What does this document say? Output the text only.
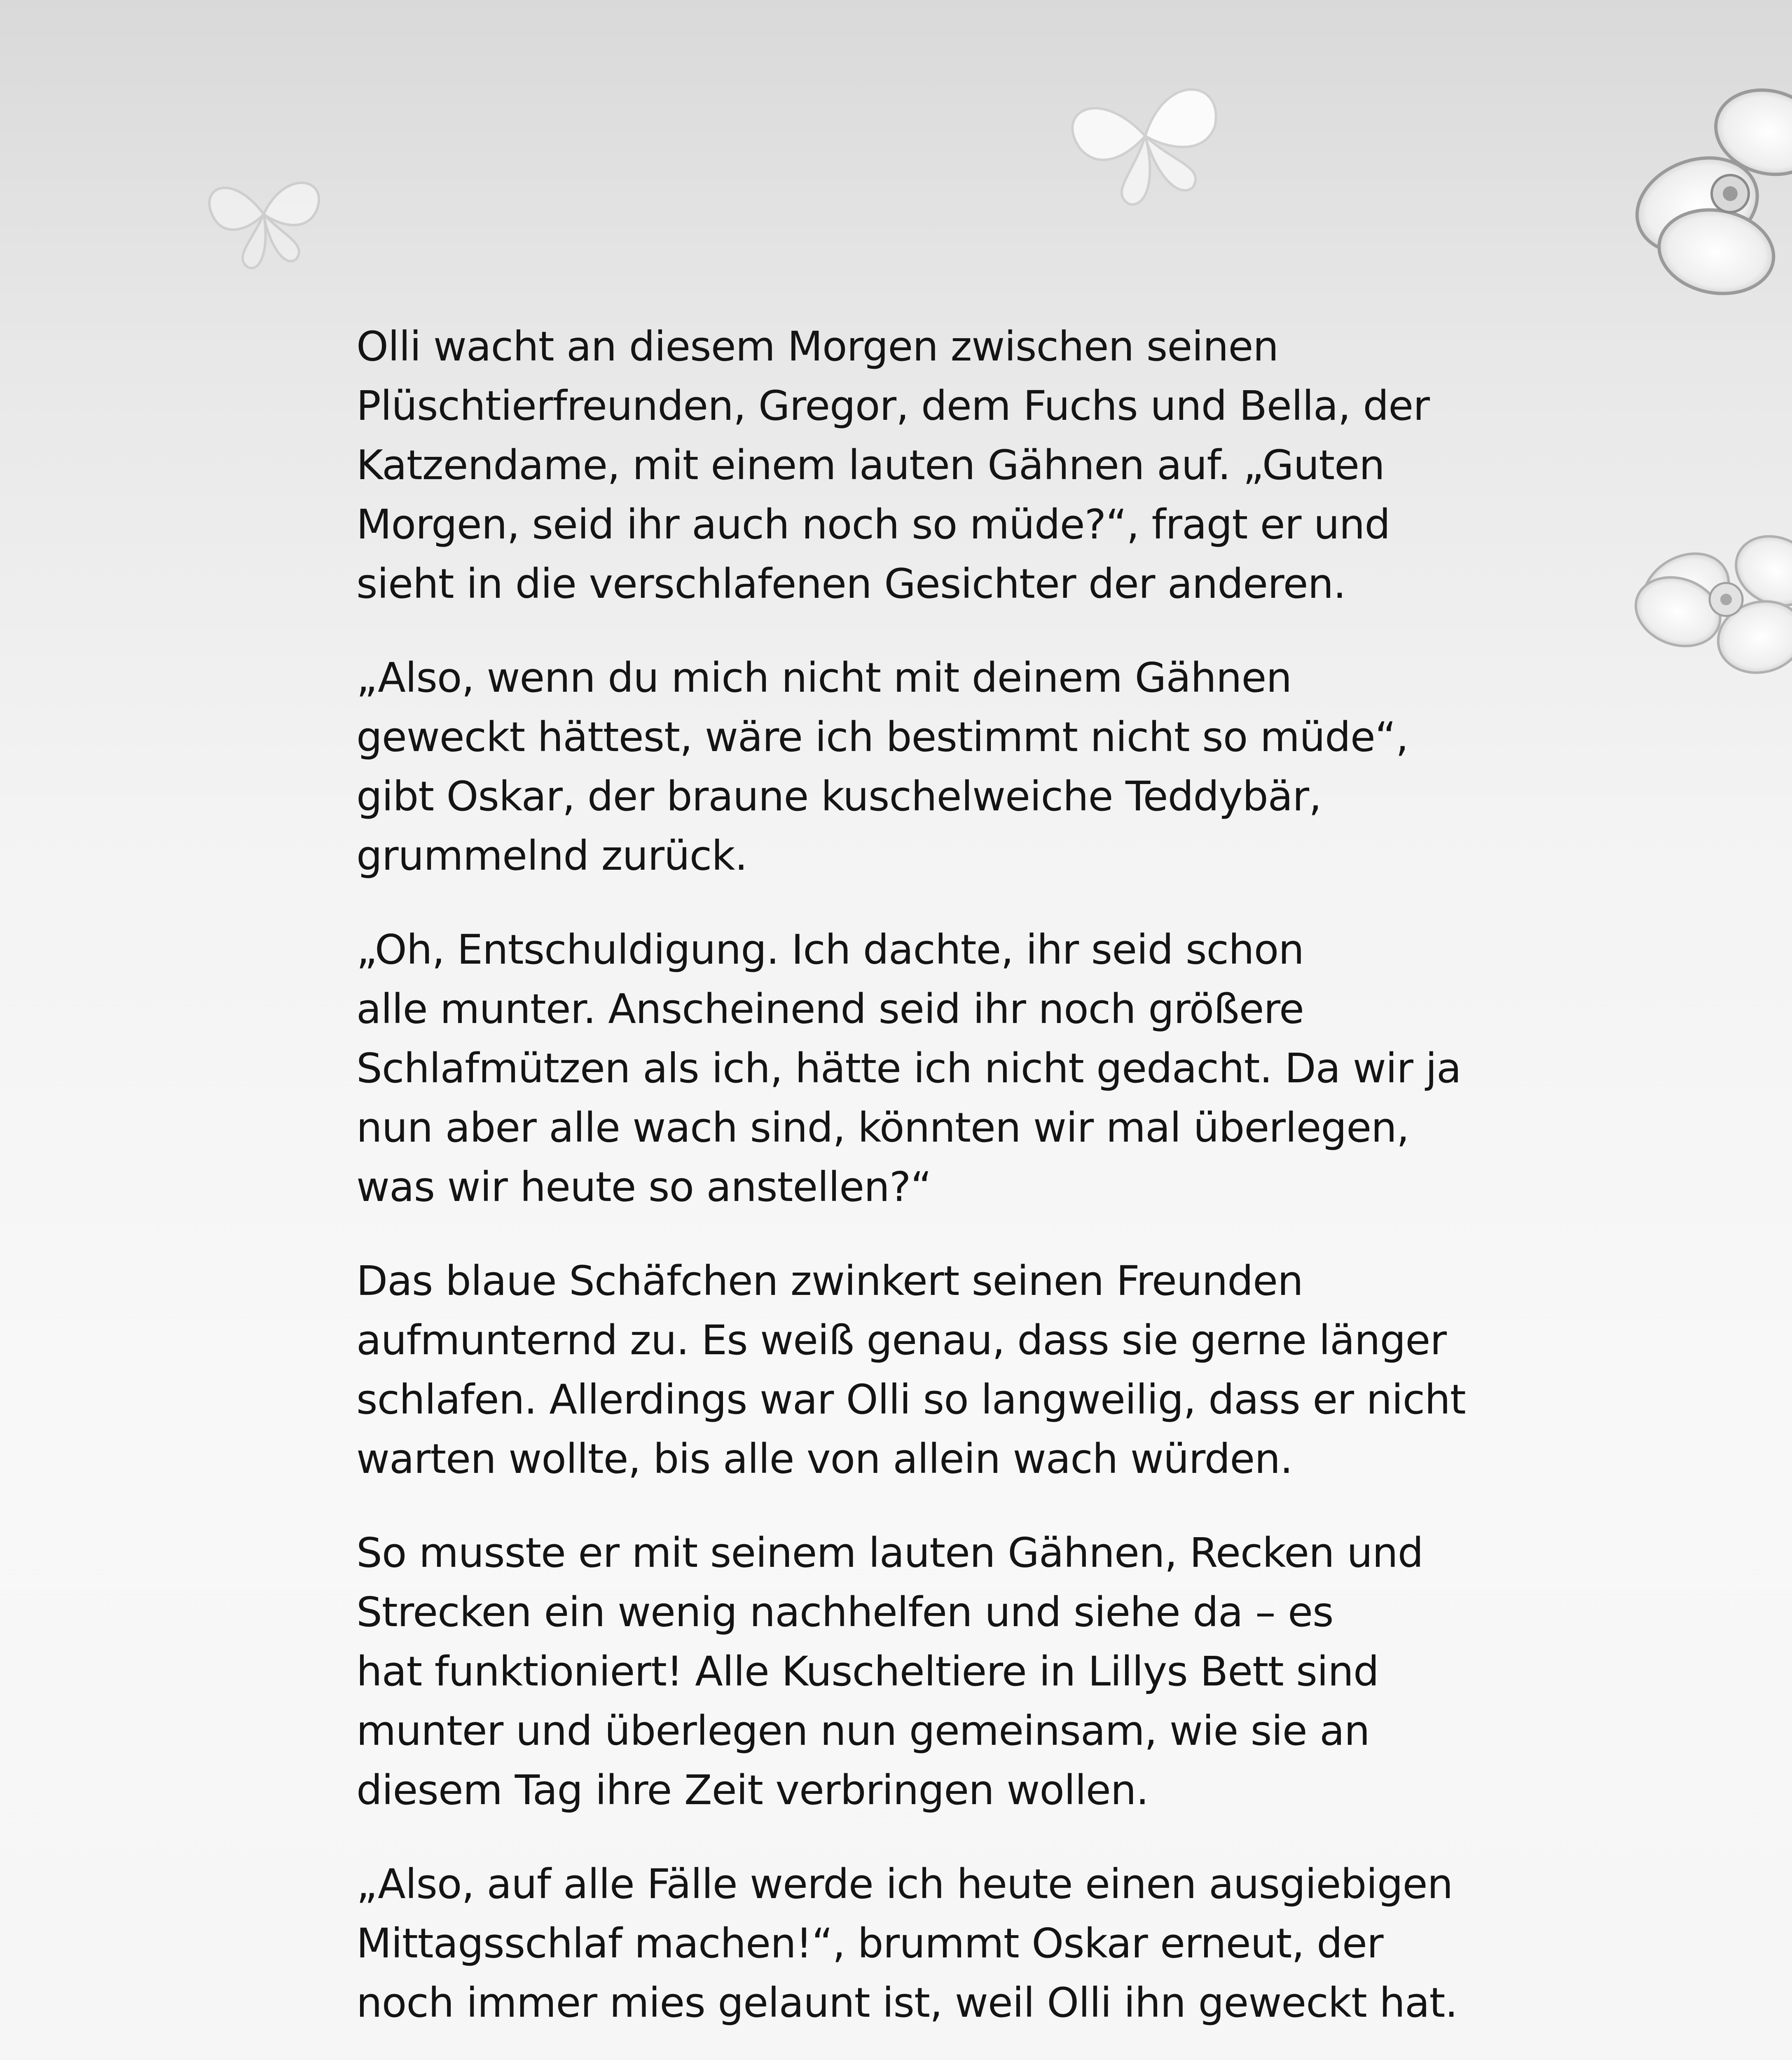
Olli wacht an diesem Morgen zwischen seinen
Plüschtierfreunden, Gregor, dem Fuchs und Bella, der
Katzendame, mit einem lauten Gähnen auf. „Guten
Morgen, seid ihr auch noch so müde?“, fragt er und
sieht in die verschlafenen Gesichter der anderen.

„Also, wenn du mich nicht mit deinem Gähnen
geweckt hättest, wäre ich bestimmt nicht so müde“,
gibt Oskar, der braune kuschelweiche Teddybär,
grummelnd zurück.

„Oh, Entschuldigung. Ich dachte, ihr seid schon
alle munter. Anscheinend seid ihr noch größere
Schlafmützen als ich, hätte ich nicht gedacht. Da wir ja
nun aber alle wach sind, könnten wir mal überlegen,
was wir heute so anstellen?“

Das blaue Schäfchen zwinkert seinen Freunden
aufmunternd zu. Es weiß genau, dass sie gerne länger
schlafen. Allerdings war Olli so langweilig, dass er nicht
warten wollte, bis alle von allein wach würden.

So musste er mit seinem lauten Gähnen, Recken und
Strecken ein wenig nachhelfen und siehe da – es
hat funktioniert! Alle Kuscheltiere in Lillys Bett sind
munter und überlegen nun gemeinsam, wie sie an
diesem Tag ihre Zeit verbringen wollen.

„Also, auf alle Fälle werde ich heute einen ausgiebigen
Mittagsschlaf machen!“, brummt Oskar erneut, der
noch immer mies gelaunt ist, weil Olli ihn geweckt hat.
